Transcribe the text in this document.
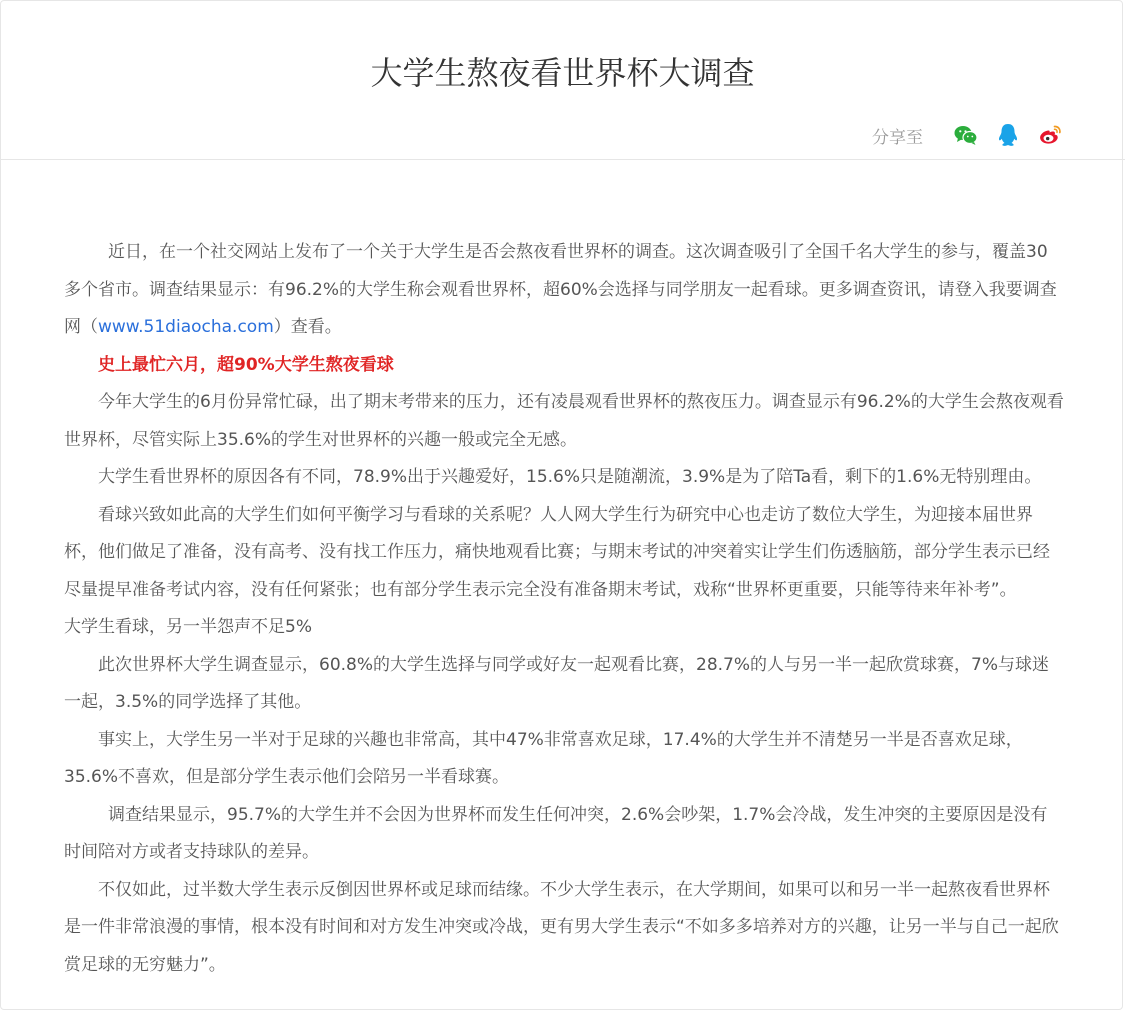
大学生熬夜看世界杯大调查
分享至

近日，在一个社交网站上发布了一个关于大学生是否会熬夜看世界杯的调查。这次调查吸引了全国千名大学生的参与，覆盖30多个省市。调查结果显示：有96.2%的大学生称会观看世界杯，超60%会选择与同学朋友一起看球。更多调查资讯，请登入我要调查网（www.51diaocha.com）查看。

史上最忙六月，超90%大学生熬夜看球

今年大学生的6月份异常忙碌，出了期末考带来的压力，还有凌晨观看世界杯的熬夜压力。调查显示有96.2%的大学生会熬夜观看世界杯，尽管实际上35.6%的学生对世界杯的兴趣一般或完全无感。

大学生看世界杯的原因各有不同，78.9%出于兴趣爱好，15.6%只是随潮流，3.9%是为了陪Ta看，剩下的1.6%无特别理由。

看球兴致如此高的大学生们如何平衡学习与看球的关系呢？人人网大学生行为研究中心也走访了数位大学生，为迎接本届世界杯，他们做足了准备，没有高考、没有找工作压力，痛快地观看比赛；与期末考试的冲突着实让学生们伤透脑筋，部分学生表示已经尽量提早准备考试内容，没有任何紧张；也有部分学生表示完全没有准备期末考试，戏称“世界杯更重要，只能等待来年补考”。

大学生看球，另一半怨声不足5%

此次世界杯大学生调查显示，60.8%的大学生选择与同学或好友一起观看比赛，28.7%的人与另一半一起欣赏球赛，7%与球迷一起，3.5%的同学选择了其他。

事实上，大学生另一半对于足球的兴趣也非常高，其中47%非常喜欢足球，17.4%的大学生并不清楚另一半是否喜欢足球，35.6%不喜欢，但是部分学生表示他们会陪另一半看球赛。

调查结果显示，95.7%的大学生并不会因为世界杯而发生任何冲突，2.6%会吵架，1.7%会冷战，发生冲突的主要原因是没有时间陪对方或者支持球队的差异。

不仅如此，过半数大学生表示反倒因世界杯或足球而结缘。不少大学生表示，在大学期间，如果可以和另一半一起熬夜看世界杯是一件非常浪漫的事情，根本没有时间和对方发生冲突或冷战，更有男大学生表示“不如多多培养对方的兴趣，让另一半与自己一起欣赏足球的无穷魅力”。
